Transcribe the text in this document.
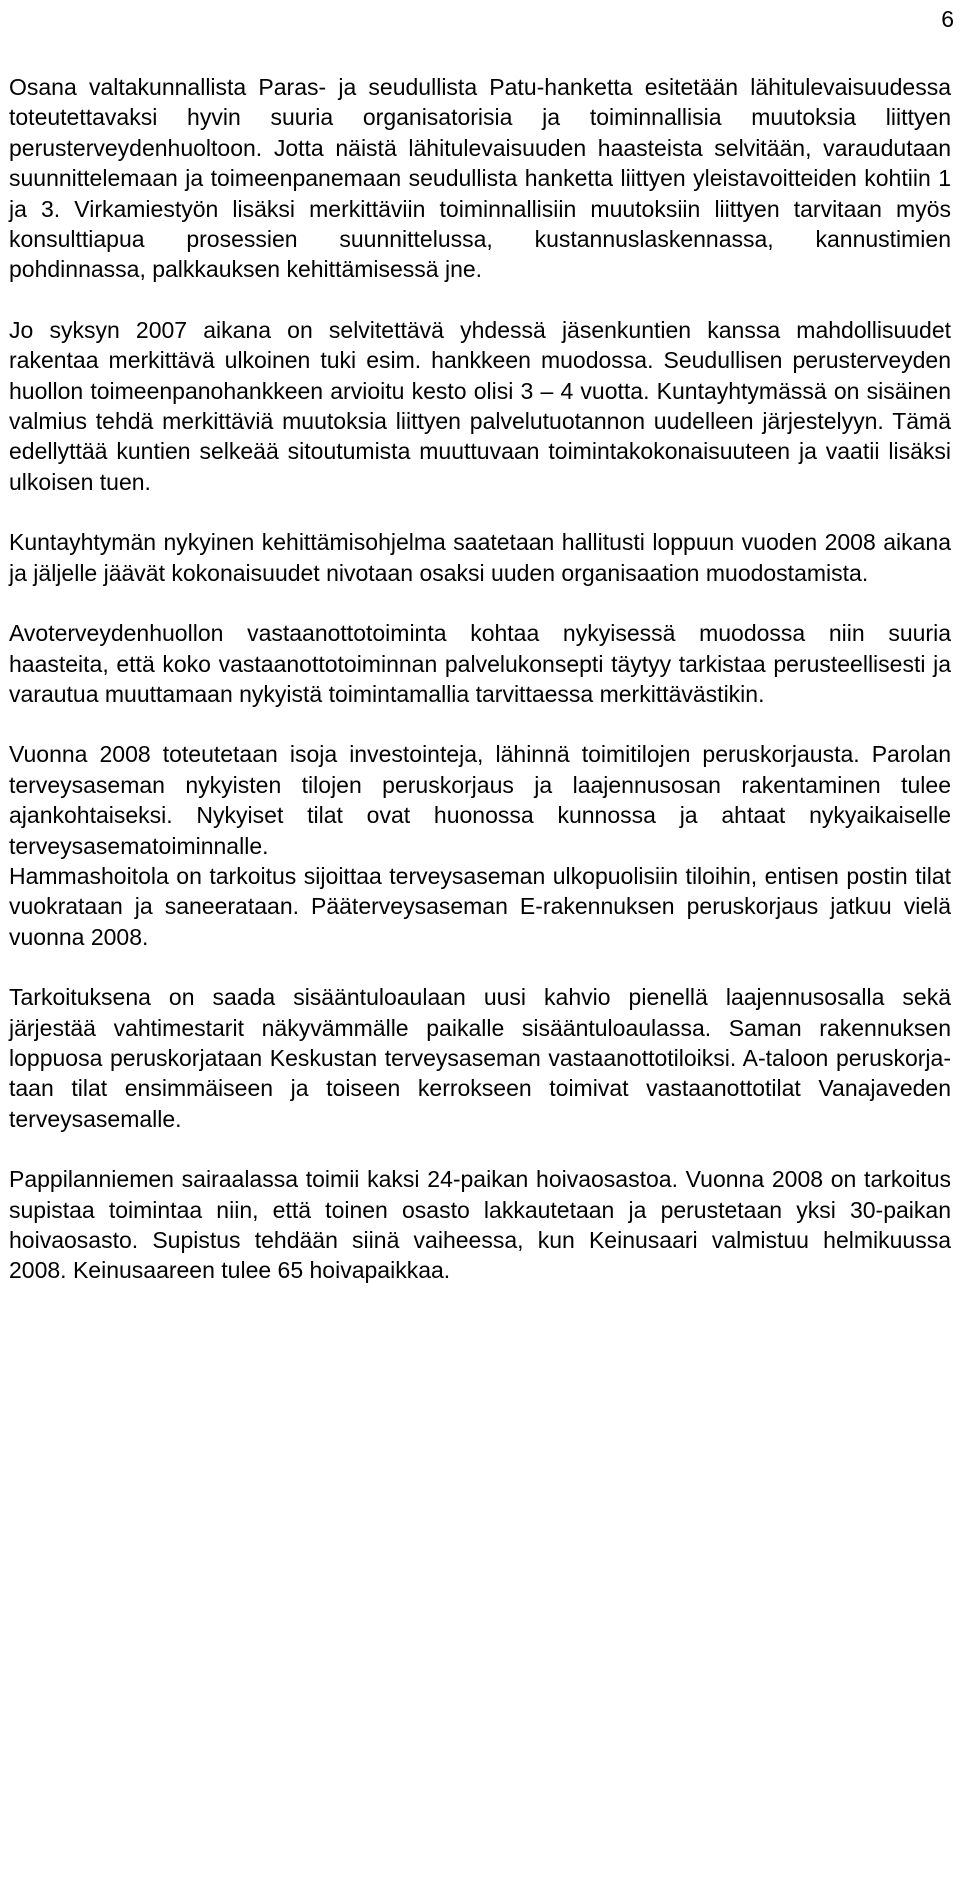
6

Osana valtakunnallista Paras- ja seudullista Patu-hanketta esitetään lähitulevaisuudessa toteutettavaksi hyvin suuria organisatorisia ja toiminnallisia muutoksia liittyen perusterveydenhuoltoon. Jotta näistä lähitulevaisuuden haasteista selvitään, varaudutaan suunnittelemaan ja toimeenpanemaan seudullista hanketta liittyen yleistavoitteiden kohtiin 1 ja 3. Virkamiestyön lisäksi merkittäviin toiminnallisiin muutoksiin liittyen tarvitaan myös konsulttiapua prosessien suunnittelussa, kustannuslaskennassa, kannustimien pohdinnassa, palkkauksen kehittämisessä jne.

Jo syksyn 2007 aikana on selvitettävä yhdessä jäsenkuntien kanssa mahdollisuudet rakentaa merkittävä ulkoinen tuki esim. hankkeen muodossa. Seudullisen perusterveyden huollon toimeenpanohankkeen arvioitu kesto olisi 3 – 4 vuotta. Kuntayhtymässä on sisäinen valmius tehdä merkittäviä muutoksia liittyen palvelutuotannon uudelleen järjestelyyn. Tämä edellyttää kuntien selkeää sitoutumista muuttuvaan toimintakokonaisuuteen ja vaatii lisäksi ulkoisen tuen.

Kuntayhtymän nykyinen kehittämisohjelma saatetaan hallitusti loppuun vuoden 2008 aikana ja jäljelle jäävät kokonaisuudet nivotaan osaksi uuden organisaation muodostamista.

Avoterveydenhuollon vastaanottotoiminta kohtaa nykyisessä muodossa niin suuria haasteita, että koko vastaanottotoiminnan palvelukonsepti täytyy tarkistaa perusteellisesti ja varautua muuttamaan nykyistä toimintamallia tarvittaessa merkittävästikin.

Vuonna 2008 toteutetaan isoja investointeja, lähinnä toimitilojen peruskorjausta. Parolan terveysaseman nykyisten tilojen peruskorjaus ja laajennusosan rakentaminen tulee ajankohtaiseksi. Nykyiset tilat ovat huonossa kunnossa ja ahtaat nykyaikaiselle terveysasematoiminnalle.

Hammashoitola on tarkoitus sijoittaa terveysaseman ulkopuolisiin tiloihin, entisen postin tilat vuokrataan ja saneerataan. Pääterveysaseman E-rakennuksen peruskorjaus jatkuu vielä vuonna 2008.

Tarkoituksena on saada sisääntuloaulaan uusi kahvio pienellä laajennusosalla sekä järjestää vahtimestarit näkyvämmälle paikalle sisääntuloaulassa. Saman rakennuksen loppuosa peruskorjataan Keskustan terveysaseman vastaanottotiloiksi. A-taloon peruskorjataan tilat ensimmäiseen ja toiseen kerrokseen toimivat vastaanottotilat Vanajaveden terveysasemalle.

Pappilanniemen sairaalassa toimii kaksi 24-paikan hoivaosastoa. Vuonna 2008 on tarkoitus supistaa toimintaa niin, että toinen osasto lakkautetaan ja perustetaan yksi 30-paikan hoivaosasto. Supistus tehdään siinä vaiheessa, kun Keinusaari valmistuu helmikuussa 2008. Keinusaareen tulee 65 hoivapaikkaa.
